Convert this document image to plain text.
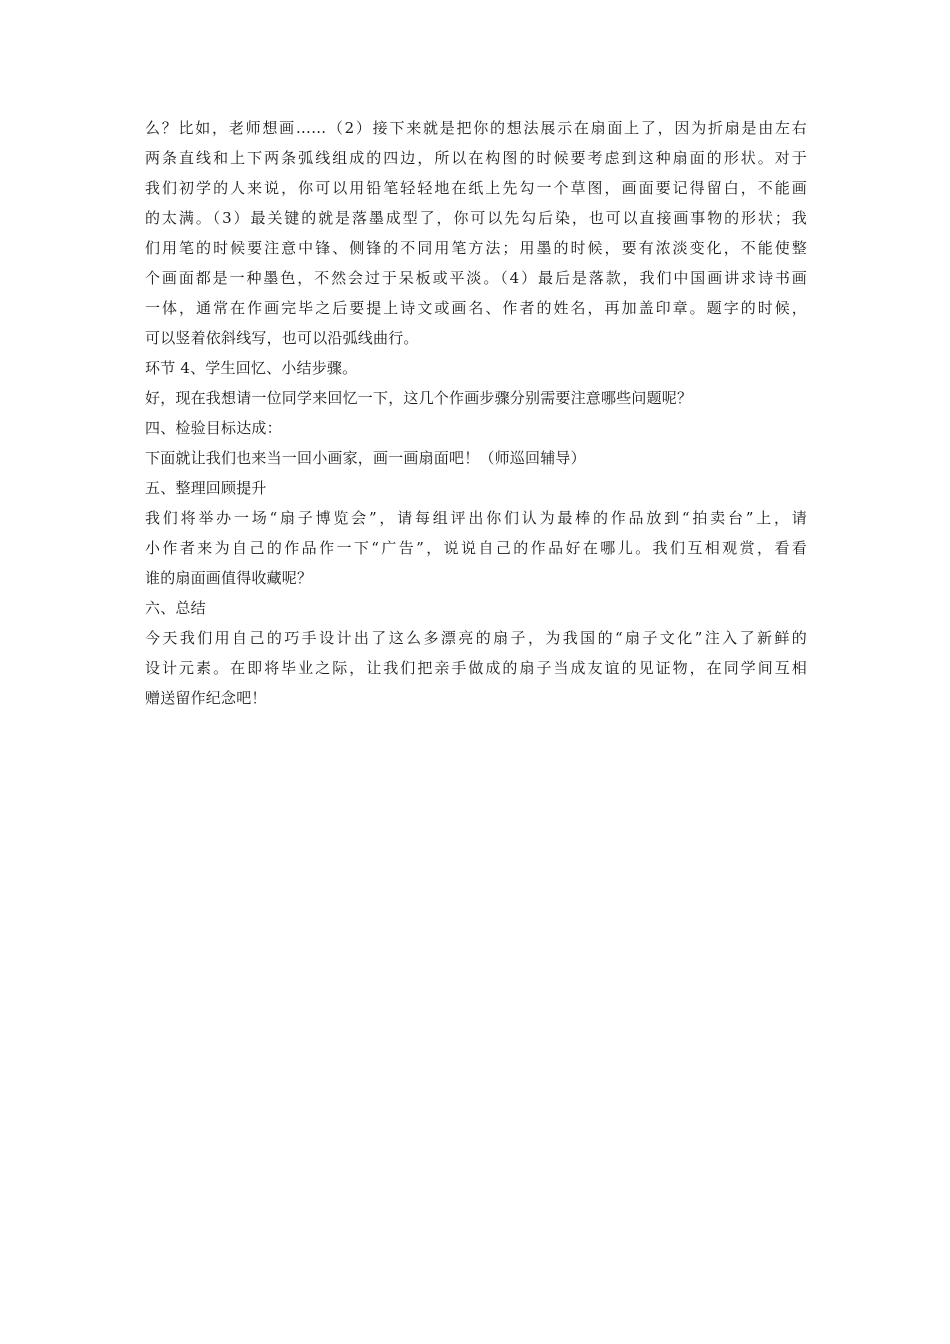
么？比如，老师想画……（2）接下来就是把你的想法展示在扇面上了，因为折扇是由左右
两条直线和上下两条弧线组成的四边，所以在构图的时候要考虑到这种扇面的形状。对于
我们初学的人来说，你可以用铅笔轻轻地在纸上先勾一个草图，画面要记得留白，不能画
的太满。（3）最关键的就是落墨成型了，你可以先勾后染，也可以直接画事物的形状；我
们用笔的时候要注意中锋、侧锋的不同用笔方法；用墨的时候，要有浓淡变化，不能使整
个画面都是一种墨色，不然会过于呆板或平淡。（4）最后是落款，我们中国画讲求诗书画
一体，通常在作画完毕之后要提上诗文或画名、作者的姓名，再加盖印章。题字的时候，
可以竖着依斜线写，也可以沿弧线曲行。
环节 4、学生回忆、小结步骤。
好，现在我想请一位同学来回忆一下，这几个作画步骤分别需要注意哪些问题呢？
四、检验目标达成：
下面就让我们也来当一回小画家，画一画扇面吧！（师巡回辅导）
五、整理回顾提升
我们将举办一场“扇子博览会”，请每组评出你们认为最棒的作品放到“拍卖台”上，请
小作者来为自己的作品作一下“广告”，说说自己的作品好在哪儿。我们互相观赏，看看
谁的扇面画值得收藏呢？
六、总结
今天我们用自己的巧手设计出了这么多漂亮的扇子，为我国的“扇子文化”注入了新鲜的
设计元素。在即将毕业之际，让我们把亲手做成的扇子当成友谊的见证物，在同学间互相
赠送留作纪念吧！
